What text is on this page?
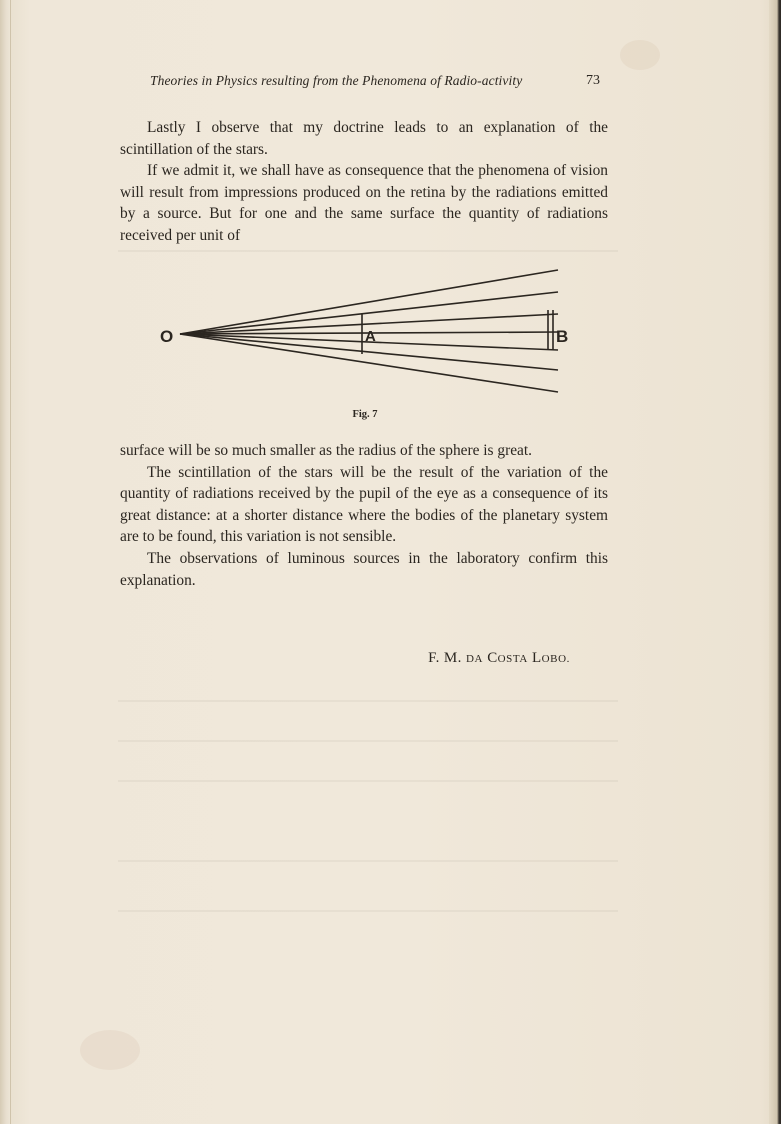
Theories in Physics resulting from the Phenomena of Radio-activity	73

Lastly I observe that my doctrine leads to an explanation of the scintillation of the stars.

If we admit it, we shall have as consequence that the phenomena of vision will result from impressions produced on the retina by the radiations emitted by a source. But for one and the same surface the quantity of radiations received per unit of

O	A	B
Fig. 7

surface will be so much smaller as the radius of the sphere is great.

The scintillation of the stars will be the result of the variation of the quantity of radiations received by the pupil of the eye as a consequence of its great distance: at a shorter distance where the bodies of the planetary system are to be found, this variation is not sensible.

The observations of luminous sources in the laboratory confirm this explanation.

F. M. DA COSTA LOBO.
